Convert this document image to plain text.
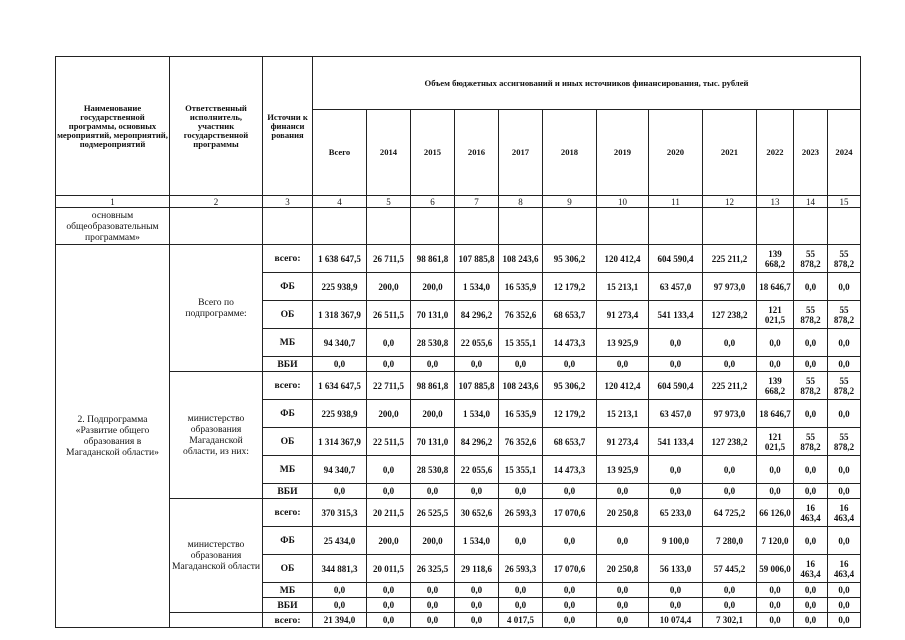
Наименование государственной программы, основных мероприятий, мероприятий, подмероприятий	Ответственный исполнитель, участник государственной программы	Источни к финанси рования	Объем бюджетных ассигнований и иных источников финансирования, тыс. рублей											
			Всего	2014	2015	2016	2017	2018	2019	2020	2021	2022	2023	2024
1	2	3	4	5	6	7	8	9	10	11	12	13	14	15
основным общеобразовательным программам»														
2. Подпрограмма «Развитие общего образования в Магаданской области»	Всего по подпрограмме:	всего:	1 638 647,5	26 711,5	98 861,8	107 885,8	108 243,6	95 306,2	120 412,4	604 590,4	225 211,2	139 668,2	55 878,2	55 878,2
		ФБ	225 938,9	200,0	200,0	1 534,0	16 535,9	12 179,2	15 213,1	63 457,0	97 973,0	18 646,7	0,0	0,0
		ОБ	1 318 367,9	26 511,5	70 131,0	84 296,2	76 352,6	68 653,7	91 273,4	541 133,4	127 238,2	121 021,5	55 878,2	55 878,2
		МБ	94 340,7	0,0	28 530,8	22 055,6	15 355,1	14 473,3	13 925,9	0,0	0,0	0,0	0,0	0,0
		ВБИ	0,0	0,0	0,0	0,0	0,0	0,0	0,0	0,0	0,0	0,0	0,0	0,0
	министерство образования Магаданской области, из них:	всего:	1 634 647,5	22 711,5	98 861,8	107 885,8	108 243,6	95 306,2	120 412,4	604 590,4	225 211,2	139 668,2	55 878,2	55 878,2
		ФБ	225 938,9	200,0	200,0	1 534,0	16 535,9	12 179,2	15 213,1	63 457,0	97 973,0	18 646,7	0,0	0,0
		ОБ	1 314 367,9	22 511,5	70 131,0	84 296,2	76 352,6	68 653,7	91 273,4	541 133,4	127 238,2	121 021,5	55 878,2	55 878,2
		МБ	94 340,7	0,0	28 530,8	22 055,6	15 355,1	14 473,3	13 925,9	0,0	0,0	0,0	0,0	0,0
		ВБИ	0,0	0,0	0,0	0,0	0,0	0,0	0,0	0,0	0,0	0,0	0,0	0,0
	министерство образования Магаданской области	всего:	370 315,3	20 211,5	26 525,5	30 652,6	26 593,3	17 070,6	20 250,8	65 233,0	64 725,2	66 126,0	16 463,4	16 463,4
		ФБ	25 434,0	200,0	200,0	1 534,0	0,0	0,0	0,0	9 100,0	7 280,0	7 120,0	0,0	0,0
		ОБ	344 881,3	20 011,5	26 325,5	29 118,6	26 593,3	17 070,6	20 250,8	56 133,0	57 445,2	59 006,0	16 463,4	16 463,4
		МБ	0,0	0,0	0,0	0,0	0,0	0,0	0,0	0,0	0,0	0,0	0,0	0,0
		ВБИ	0,0	0,0	0,0	0,0	0,0	0,0	0,0	0,0	0,0	0,0	0,0	0,0
		всего:	21 394,0	0,0	0,0	0,0	4 017,5	0,0	0,0	10 074,4	7 302,1	0,0	0,0	0,0
